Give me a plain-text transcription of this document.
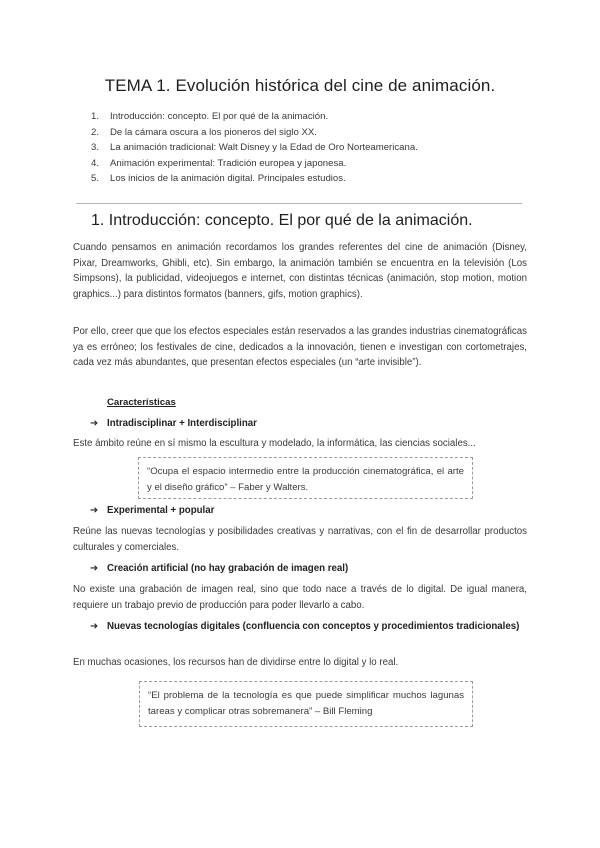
TEMA 1. Evolución histórica del cine de animación.
1. Introducción: concepto. El por qué de la animación.
2. De la cámara oscura a los pioneros del siglo XX.
3. La animación tradicional: Walt Disney y la Edad de Oro Norteamericana.
4. Animación experimental: Tradición europea y japonesa.
5. Los inicios de la animación digital. Principales estudios.
1. Introducción: concepto. El por qué de la animación.

Cuando pensamos en animación recordamos los grandes referentes del cine de animación (Disney, Pixar, Dreamworks, Ghibli, etc). Sin embargo, la animación también se encuentra en la televisión (Los Simpsons), la publicidad, videojuegos e internet, con distintas técnicas (animación, stop motion, motion graphics...) para distintos formatos (banners, gifs, motion graphics).

Por ello, creer que que los efectos especiales están reservados a las grandes industrias cinematográficas ya es erróneo; los festivales de cine, dedicados a la innovación, tienen e investigan con cortometrajes, cada vez más abundantes, que presentan efectos especiales (un “arte invisible”).

Características

➔ Intradisciplinar + Interdisciplinar

Este ámbito reúne en sí mismo la escultura y modelado, la informática, las ciencias sociales...

“Ocupa el espacio intermedio entre la producción cinematográfica, el arte y el diseño gráfico” – Faber y Walters.

➔ Experimental + popular

Reúne las nuevas tecnologías y posibilidades creativas y narrativas, con el fin de desarrollar productos culturales y comerciales.

➔ Creación artificial (no hay grabación de imagen real)

No existe una grabación de imagen real, sino que todo nace a través de lo digital. De igual manera, requiere un trabajo previo de producción para poder llevarlo a cabo.

➔ Nuevas tecnologías digitales (confluencia con conceptos y procedimientos tradicionales)

En muchas ocasiones, los recursos han de dividirse entre lo digital y lo real.

“El problema de la tecnología es que puede simplificar muchos lagunas tareas y complicar otras sobremanera” – Bill Fleming
